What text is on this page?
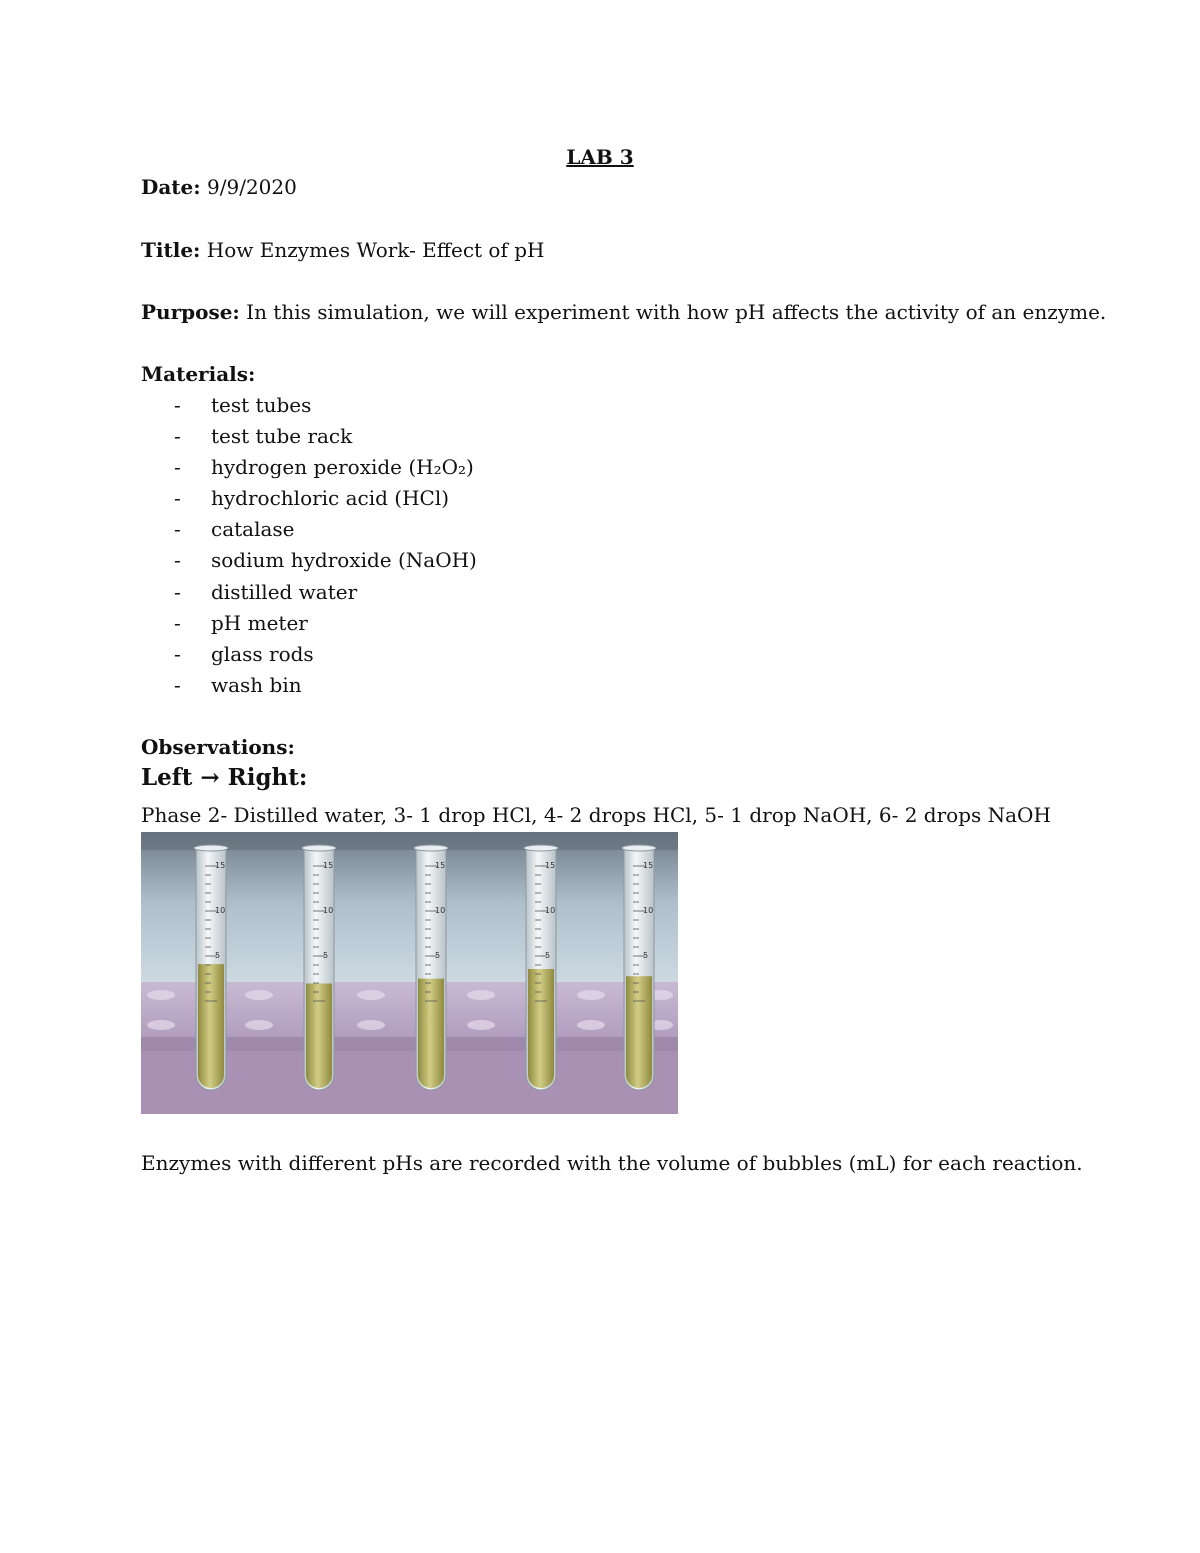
LAB 3
Date: 9/9/2020
Title: How Enzymes Work- Effect of pH
Purpose: In this simulation, we will experiment with how pH affects the activity of an enzyme.
Materials:
- test tubes
- test tube rack
- hydrogen peroxide (H₂O₂)
- hydrochloric acid (HCl)
- catalase
- sodium hydroxide (NaOH)
- distilled water
- pH meter
- glass rods
- wash bin
Observations:
Left → Right:
Phase 2- Distilled water, 3- 1 drop HCl, 4- 2 drops HCl, 5- 1 drop NaOH, 6- 2 drops NaOH
15
10
5
15
10
5
15
10
5
15
10
5
15
10
5
Enzymes with different pHs are recorded with the volume of bubbles (mL) for each reaction.
